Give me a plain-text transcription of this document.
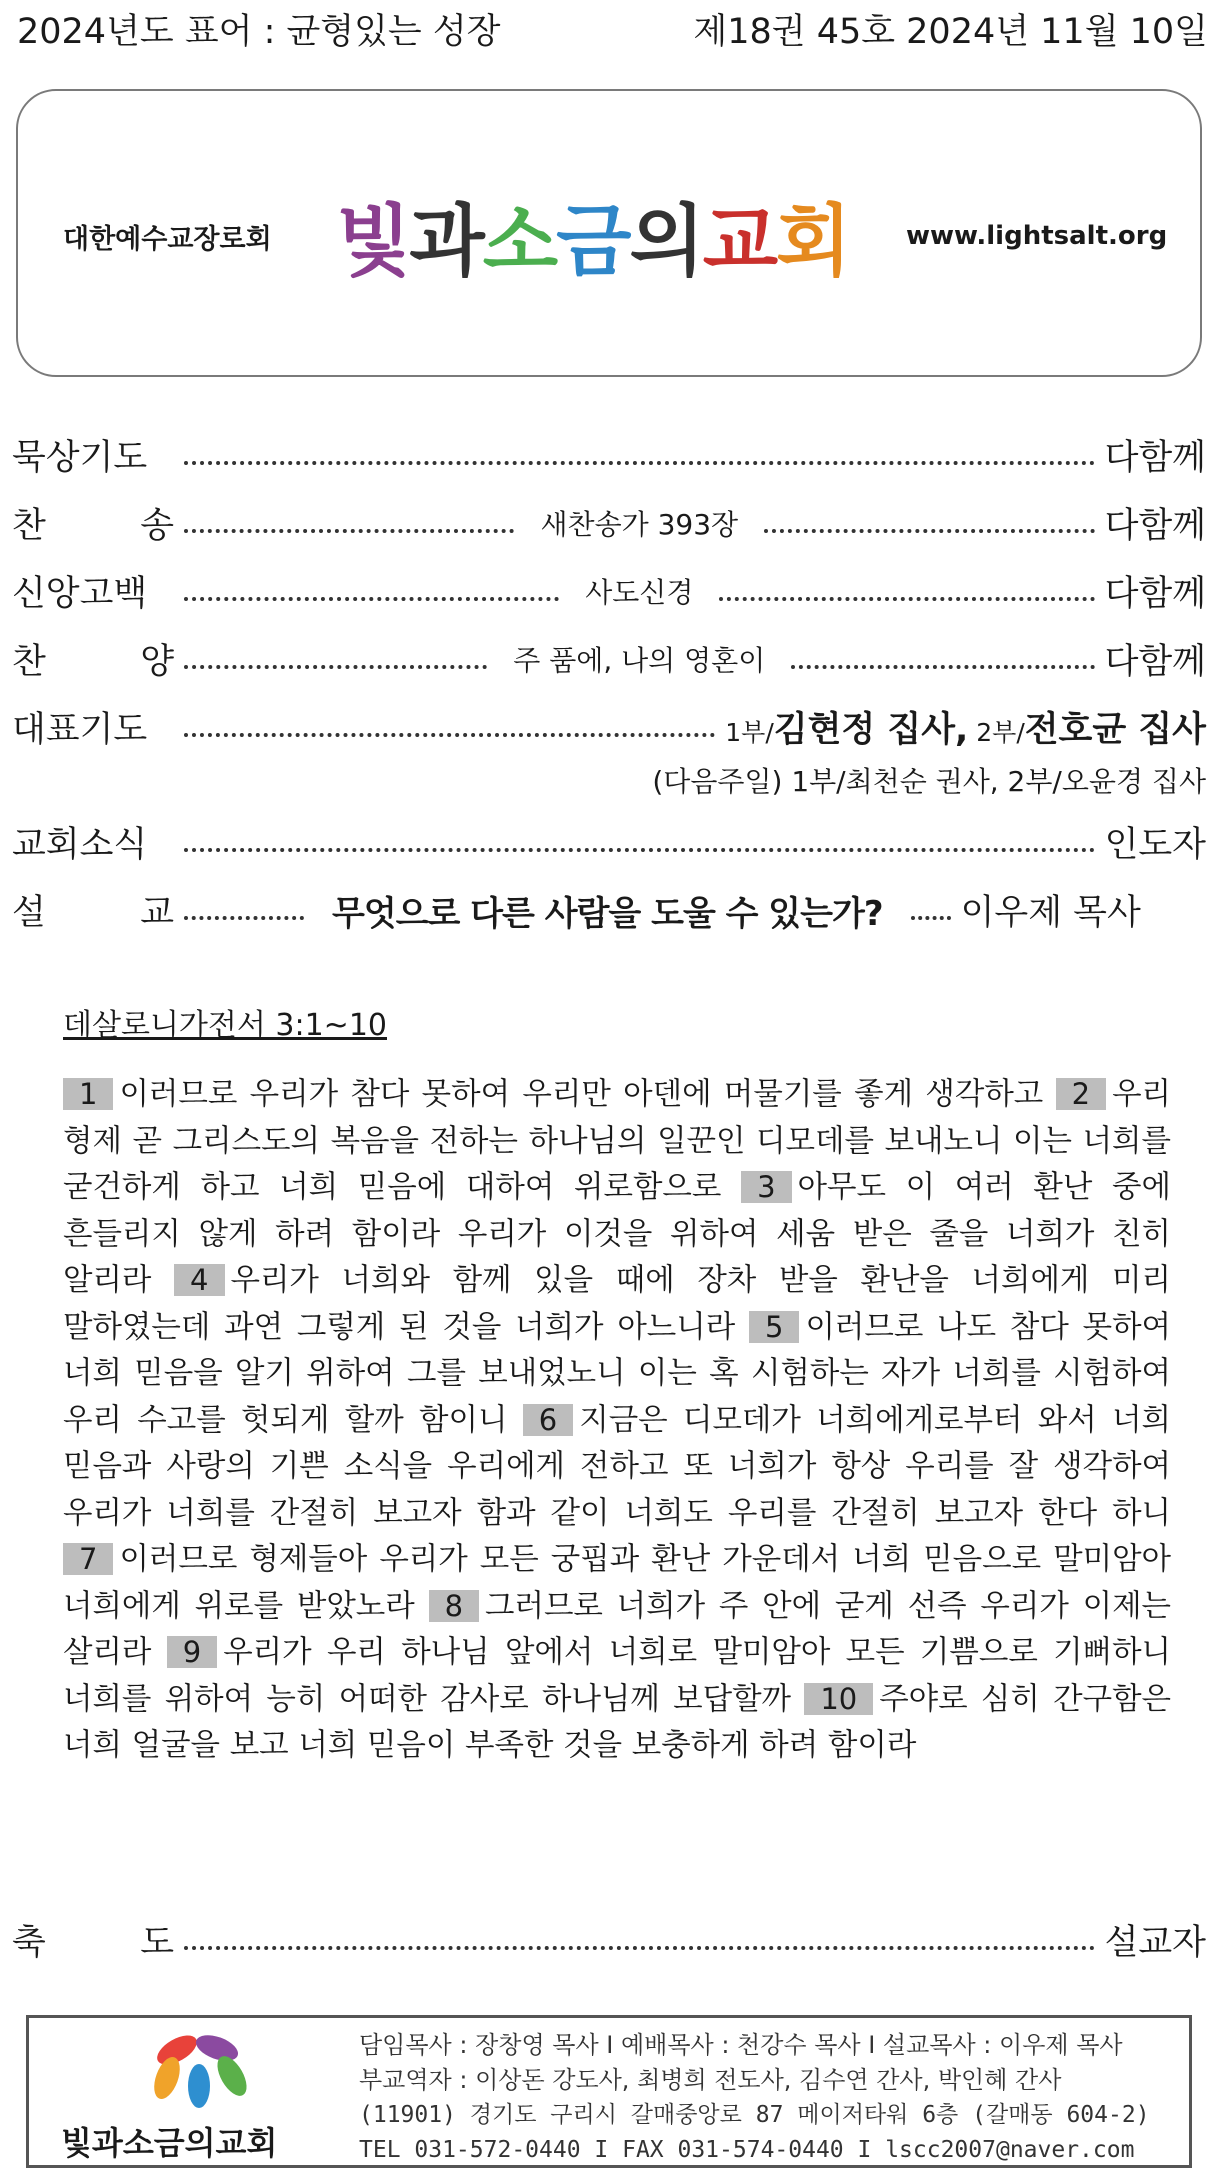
2024년도 표어 : 균형있는 성장	제18권 45호 2024년 11월 10일
대한예수교장로회 빛과소금의교회 www.lightsalt.org
묵상기도	다함께
찬	송	새찬송가 393장	다함께
신앙고백	사도신경	다함께
찬	양	주 품에, 나의 영혼이	다함께
대표기도	1부/김현정 집사, 2부/전호균 집사
(다음주일) 1부/최천순 권사, 2부/오윤경 집사
교회소식	인도자
설	교	무엇으로 다른 사람을 도울 수 있는가?	이우제 목사
데살로니가전서 3:1~10
1 이러므로 우리가 참다 못하여 우리만 아덴에 머물기를 좋게 생각하고 2 우리 형제 곧 그리스도의 복음을 전하는 하나님의 일꾼인 디모데를 보내노니 이는 너희를 굳건하게 하고 너희 믿음에 대하여 위로함으로 3 아무도 이 여러 환난 중에 흔들리지 않게 하려 함이라 우리가 이것을 위하여 세움 받은 줄을 너희가 친히 알리라 4 우리가 너희와 함께 있을 때에 장차 받을 환난을 너희에게 미리 말하였는데 과연 그렇게 된 것을 너희가 아느니라 5 이러므로 나도 참다 못하여 너희 믿음을 알기 위하여 그를 보내었노니 이는 혹 시험하는 자가 너희를 시험하여 우리 수고를 헛되게 할까 함이니 6 지금은 디모데가 너희에게로부터 와서 너희 믿음과 사랑의 기쁜 소식을 우리에게 전하고 또 너희가 항상 우리를 잘 생각하여 우리가 너희를 간절히 보고자 함과 같이 너희도 우리를 간절히 보고자 한다 하니 7 이러므로 형제들아 우리가 모든 궁핍과 환난 가운데서 너희 믿음으로 말미암아 너희에게 위로를 받았노라 8 그러므로 너희가 주 안에 굳게 선즉 우리가 이제는 살리라 9 우리가 우리 하나님 앞에서 너희로 말미암아 모든 기쁨으로 기뻐하니 너희를 위하여 능히 어떠한 감사로 하나님께 보답할까 10 주야로 심히 간구함은 너희 얼굴을 보고 너희 믿음이 부족한 것을 보충하게 하려 함이라
축	도	설교자
빛과소금의교회
담임목사 : 장창영 목사 I 예배목사 : 천강수 목사 I 설교목사 : 이우제 목사
부교역자 : 이상돈 강도사, 최병희 전도사, 김수연 간사, 박인혜 간사
(11901) 경기도 구리시 갈매중앙로 87 메이저타워 6층 (갈매동 604-2)
TEL 031-572-0440 I FAX 031-574-0440 I lscc2007@naver.com
